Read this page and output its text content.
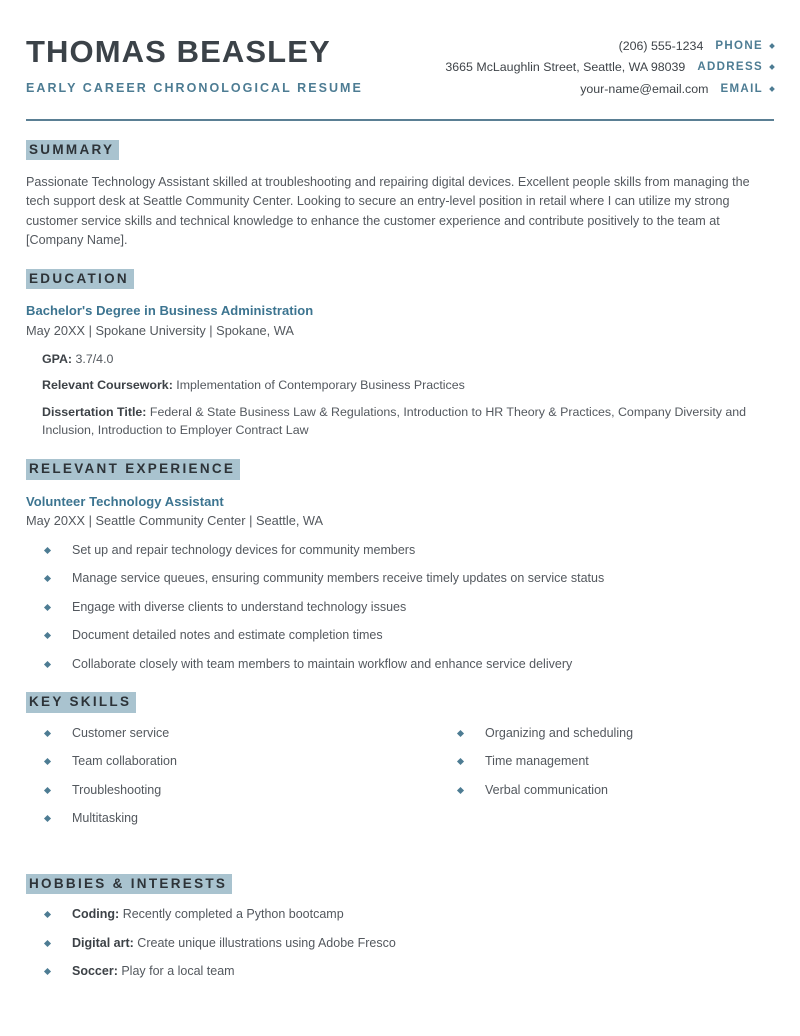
THOMAS BEASLEY
EARLY CAREER CHRONOLOGICAL RESUME
(206) 555-1234 PHONE
3665 McLaughlin Street, Seattle, WA 98039 ADDRESS
your-name@email.com EMAIL
SUMMARY
Passionate Technology Assistant skilled at troubleshooting and repairing digital devices. Excellent people skills from managing the tech support desk at Seattle Community Center. Looking to secure an entry-level position in retail where I can utilize my strong customer service skills and technical knowledge to enhance the customer experience and contribute positively to the team at [Company Name].
EDUCATION
Bachelor's Degree in Business Administration
May 20XX | Spokane University | Spokane, WA
GPA: 3.7/4.0
Relevant Coursework: Implementation of Contemporary Business Practices
Dissertation Title: Federal & State Business Law & Regulations, Introduction to HR Theory & Practices, Company Diversity and Inclusion, Introduction to Employer Contract Law
RELEVANT EXPERIENCE
Volunteer Technology Assistant
May 20XX | Seattle Community Center | Seattle, WA
Set up and repair technology devices for community members
Manage service queues, ensuring community members receive timely updates on service status
Engage with diverse clients to understand technology issues
Document detailed notes and estimate completion times
Collaborate closely with team members to maintain workflow and enhance service delivery
KEY SKILLS
Customer service
Team collaboration
Troubleshooting
Multitasking
Organizing and scheduling
Time management
Verbal communication
HOBBIES & INTERESTS
Coding: Recently completed a Python bootcamp
Digital art: Create unique illustrations using Adobe Fresco
Soccer: Play for a local team
